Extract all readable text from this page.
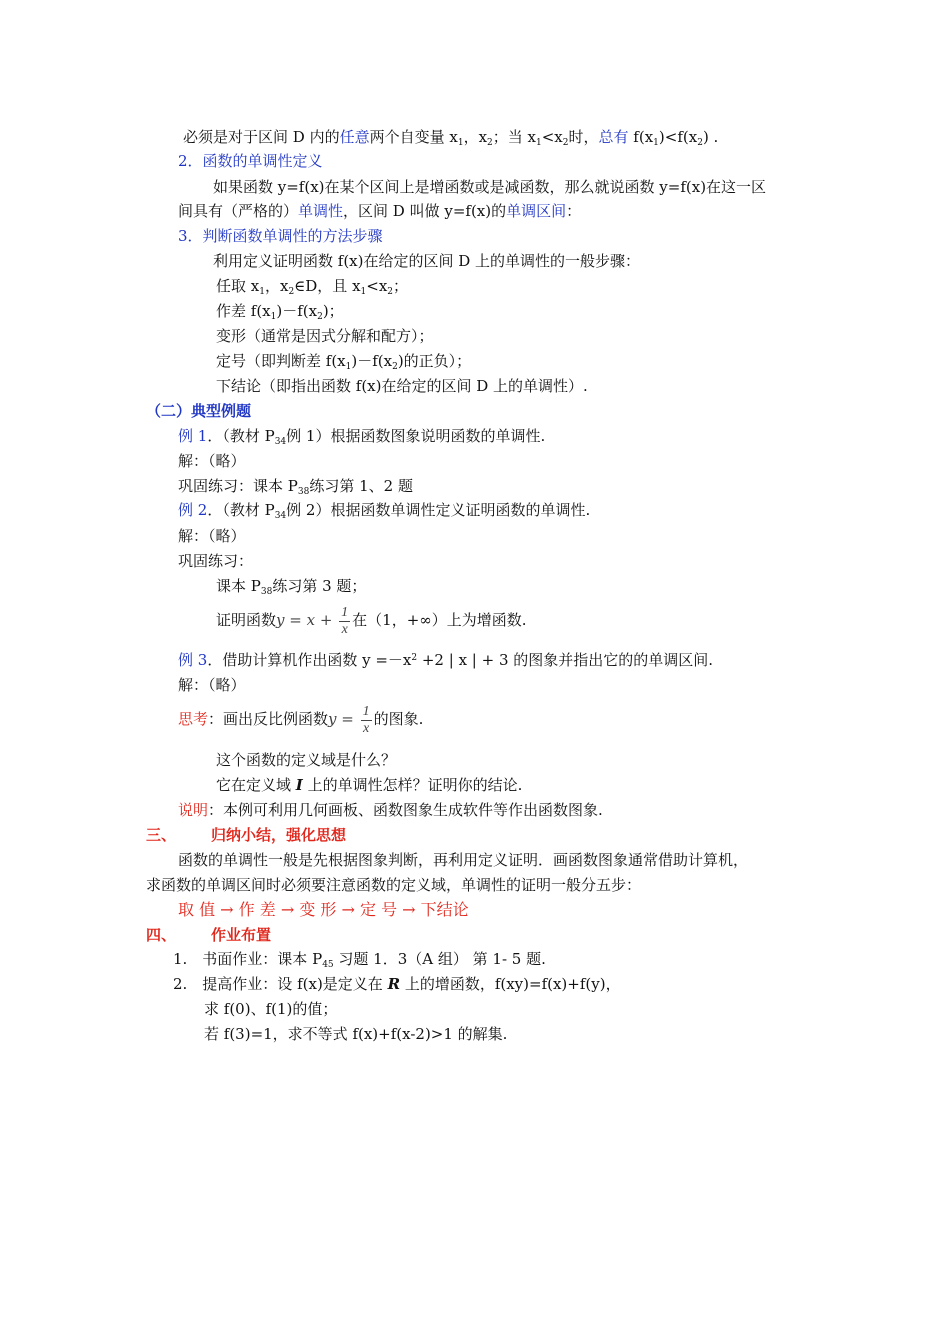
必须是对于区间 D 内的任意两个自变量 $x_1$，$x_2$；当 $x_1<x_2$时，总有 $f(x_1)<f(x_2)$ .
2．函数的单调性定义
如果函数 y=f(x)在某个区间上是增函数或是减函数，那么就说函数 y=f(x)在这一区
间具有（严格的）单调性，区间 D 叫做 y=f(x)的单调区间：
3．判断函数单调性的方法步骤
利用定义证明函数 f(x)在给定的区间 D 上的单调性的一般步骤：
任取 $x_1$，$x_2\in D$，且 $x_1<x_2$；
作差 $f(x_1)-f(x_2)$；
变形（通常是因式分解和配方）；
定号（即判断差 $f(x_1)-f(x_2)$的正负）；
下结论（即指出函数 f(x)在给定的区间 D 上的单调性）.
（二）典型例题
例 1．（教材 $P_{34}$例 1）根据函数图象说明函数的单调性.
解：（略）
巩固练习：课本 $P_{38}$练习第 1、2 题
例 2．（教材 $P_{34}$例 2）根据函数单调性定义证明函数的单调性.
解：（略）
巩固练习：
课本 $P_{38}$练习第 3 题；
证明函数$y = x + \frac{1}{x}$ 在（1，+∞）上为增函数.
例 3．借助计算机作出函数 $y =-x^2 +2$ | x | + 3 的图象并指出它的的单调区间.
解：（略）
思考：画出反比例函数$y = \frac{1}{x}$ 的图象.
这个函数的定义域是什么？
它在定义域 I 上的单调性怎样？证明你的结论.
说明：本例可利用几何画板、函数图象生成软件等作出函数图象.
三、 归纳小结，强化思想
函数的单调性一般是先根据图象判断，再利用定义证明．画函数图象通常借助计算机，
求函数的单调区间时必须要注意函数的定义域，单调性的证明一般分五步：
取 值 → 作 差 → 变 形 → 定 号 → 下结论
四、 作业布置
1.　书面作业：课本 $P_{45}$ 习题 1．3（A 组） 第 1- 5 题.
2.　提高作业：设 f(x)是定义在 R 上的增函数，f(xy)=f(x)+f(y)，
求 f(0)、f(1)的值；
若 f(3)=1，求不等式 f(x)+f(x-2)>1 的解集.
